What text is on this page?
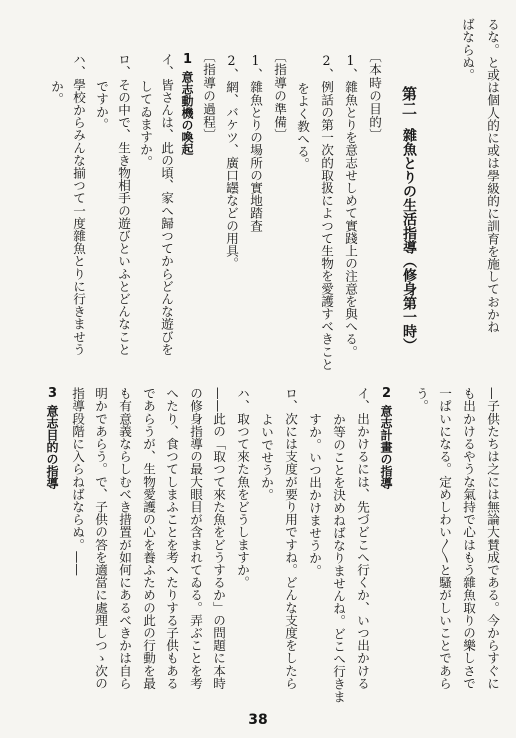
るな。と或は個人的に或は學級的に訓育を施しておかね
ばならぬ。
第二雜魚とりの生活指導（修身第一時）
〔本時の目的〕
1、雜魚とりを意志せしめて實踐上の注意を與へる。
2、例話の第一次的取扱によつて生物を愛護すべきこと
をよく教へる。
〔指導の準備〕
1、雜魚とりの場所の實地踏査
2、網、バケツ、廣口罎などの用具。
〔指導の過程〕
1意志動機の喚起
イ、皆さんは、此の頃、家へ歸つてからどんな遊びを
してゐますか。
ロ、その中で、生き物相手の遊びといふとどんなこと
ですか。
ハ、學校からみんな揃つて一度雜魚とりに行きませう
か。
—子供たちは之には無論大賛成である。今からすぐに
も出かけるやうな氣持で心はもう雜魚取りの樂しさで
一ぱいになる。定めしわい〳〵と騷がしいことであら
う。
2意志計畫の指導
イ、出かけるには、先づどこへ行くか、いつ出かける
か等のことを決めねばなりませんね。どこへ行きま
すか。いつ出かけませうか。
ロ、次には支度が要り用ですね。どんな支度をしたら
よいでせうか。
ハ、取つて來た魚をどうしますか。
——此の「取つて來た魚をどうするか」の問題に本時
の修身指導の最大眼目が含まれてゐる。弄ぶことを考
へたり、食つてしまふことを考へたりする子供もある
であらうが、生物愛護の心を養ふための此の行動を最
も有意義ならしむべき措置が如何にあるべきかは自ら
明かであらう。で、子供の答を適當に處理しつゝ次の
指導段階に入らねばならぬ。——
3意志目的の指導
38
